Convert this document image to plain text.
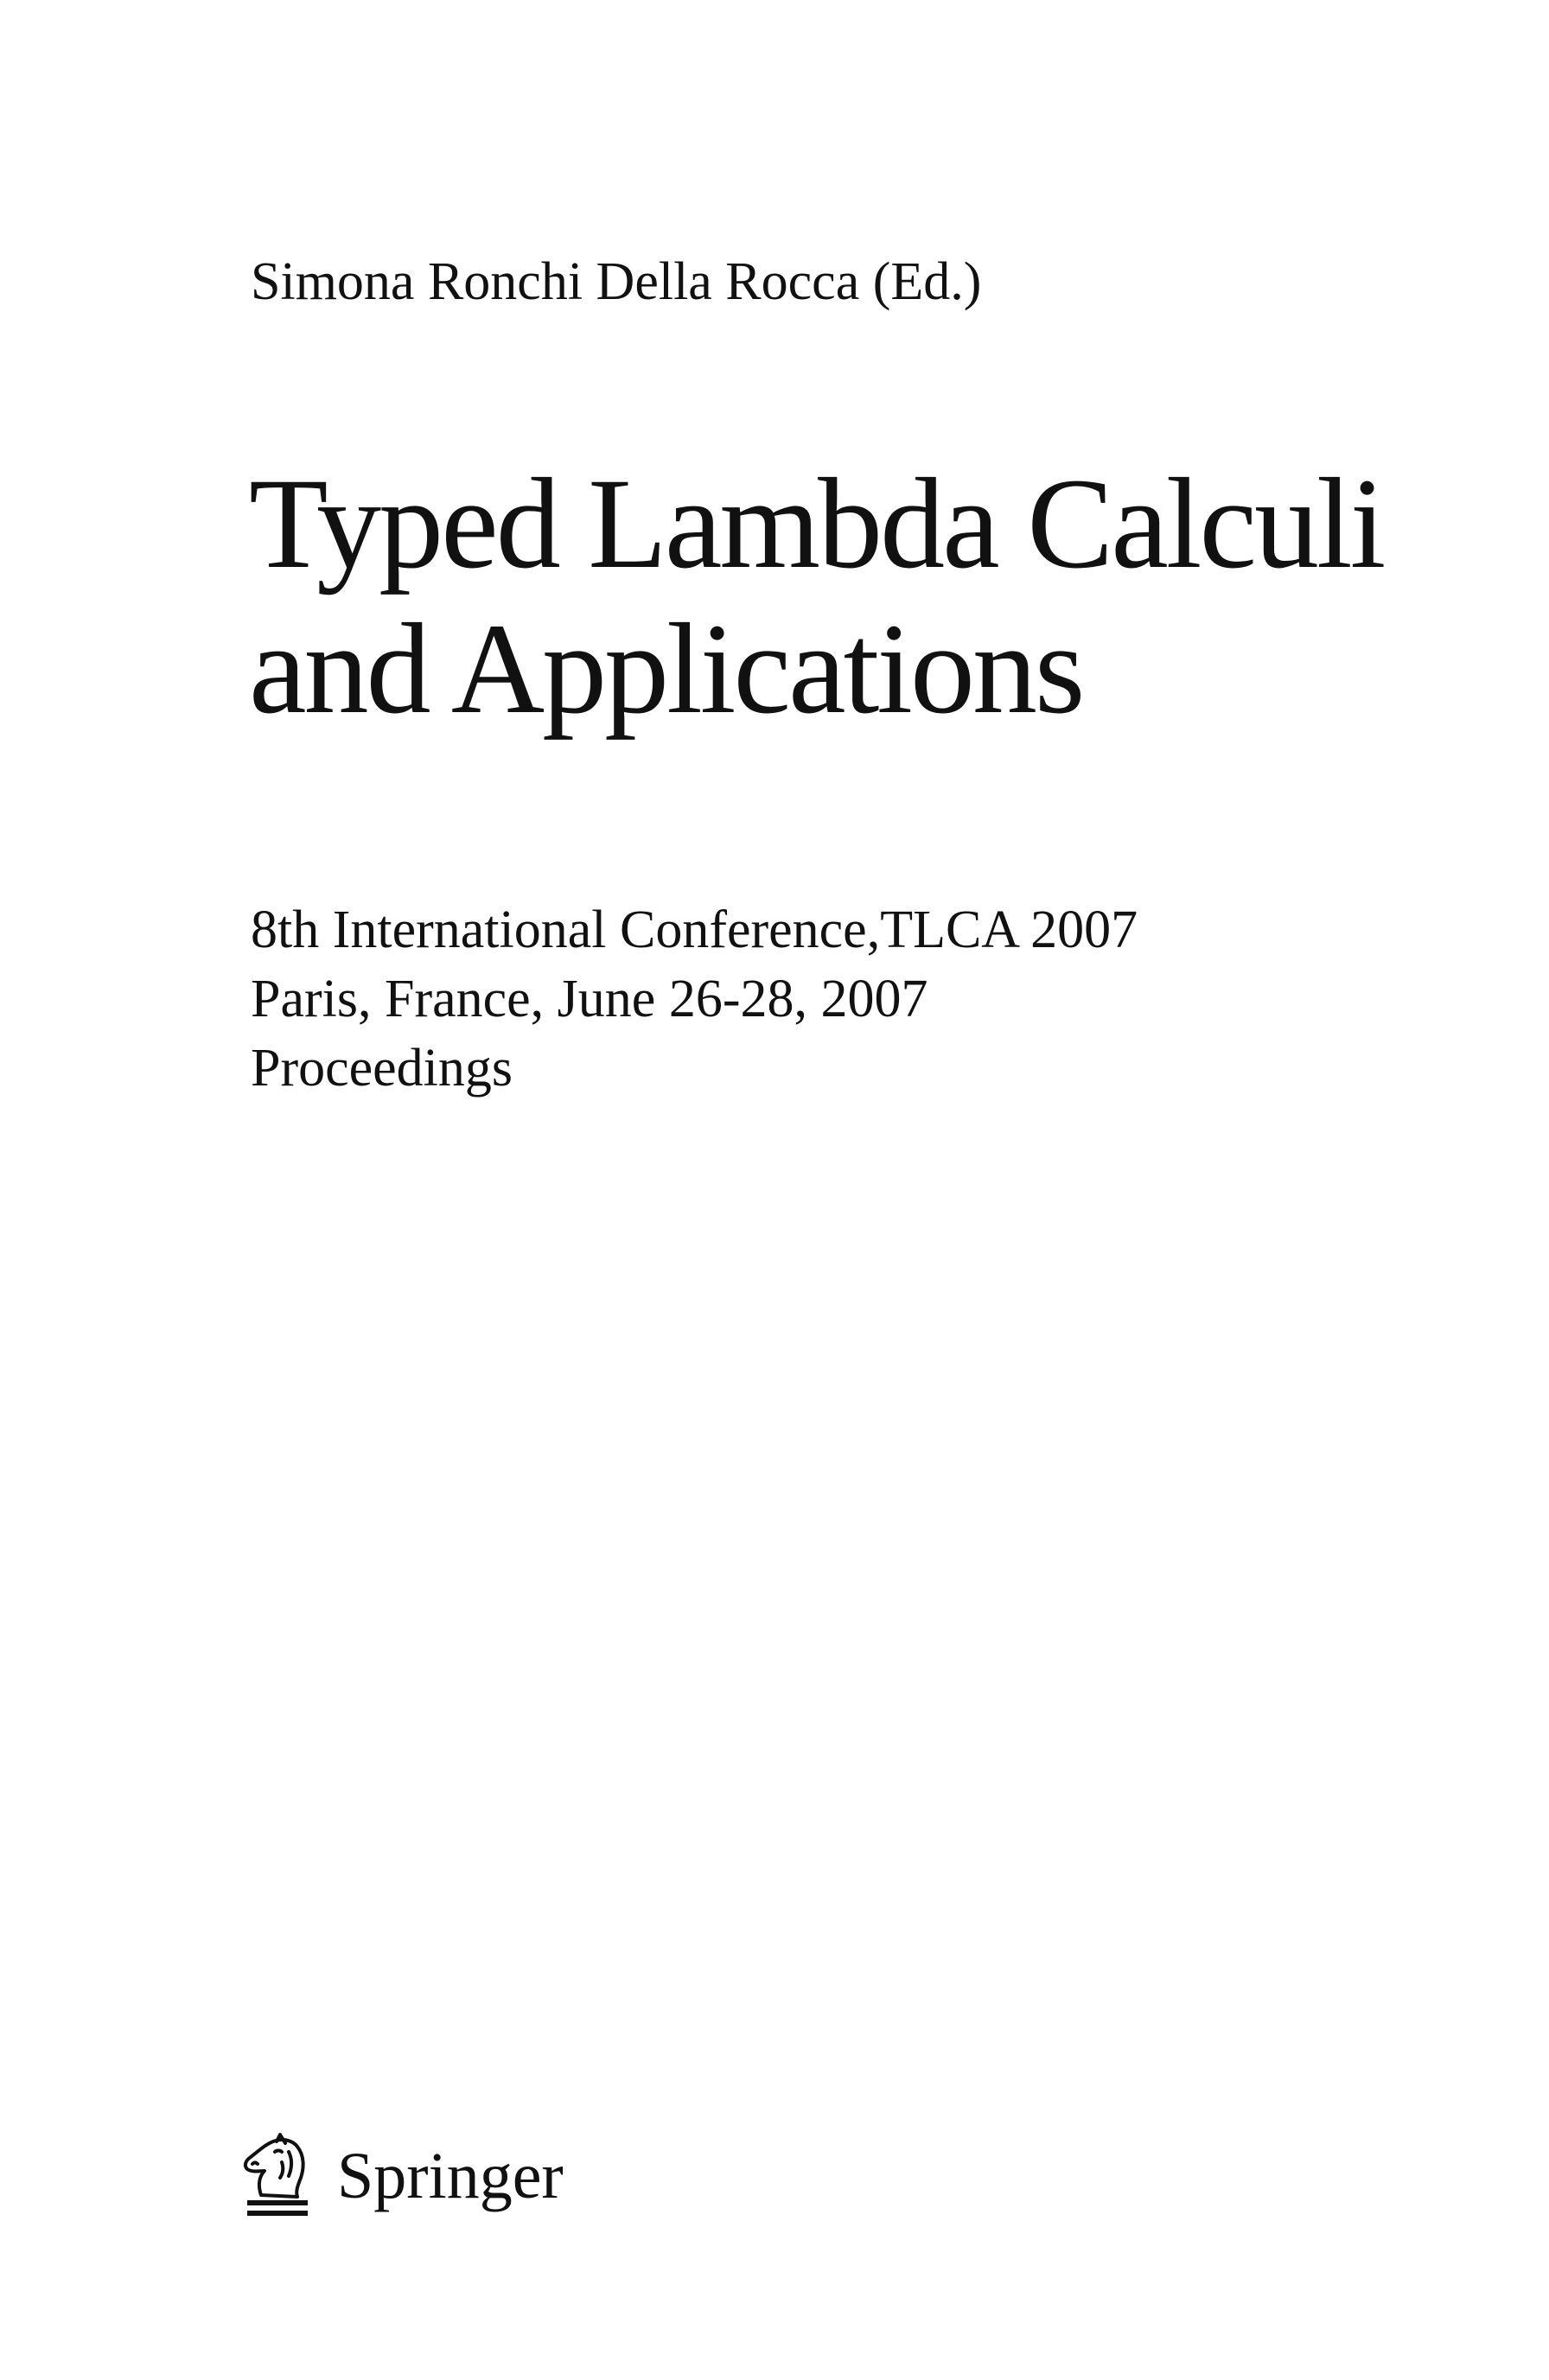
Simona Ronchi Della Rocca (Ed.)
Typed Lambda Calculi
and Applications
8th International Conference,TLCA 2007
Paris, France, June 26-28, 2007
Proceedings
Springer
